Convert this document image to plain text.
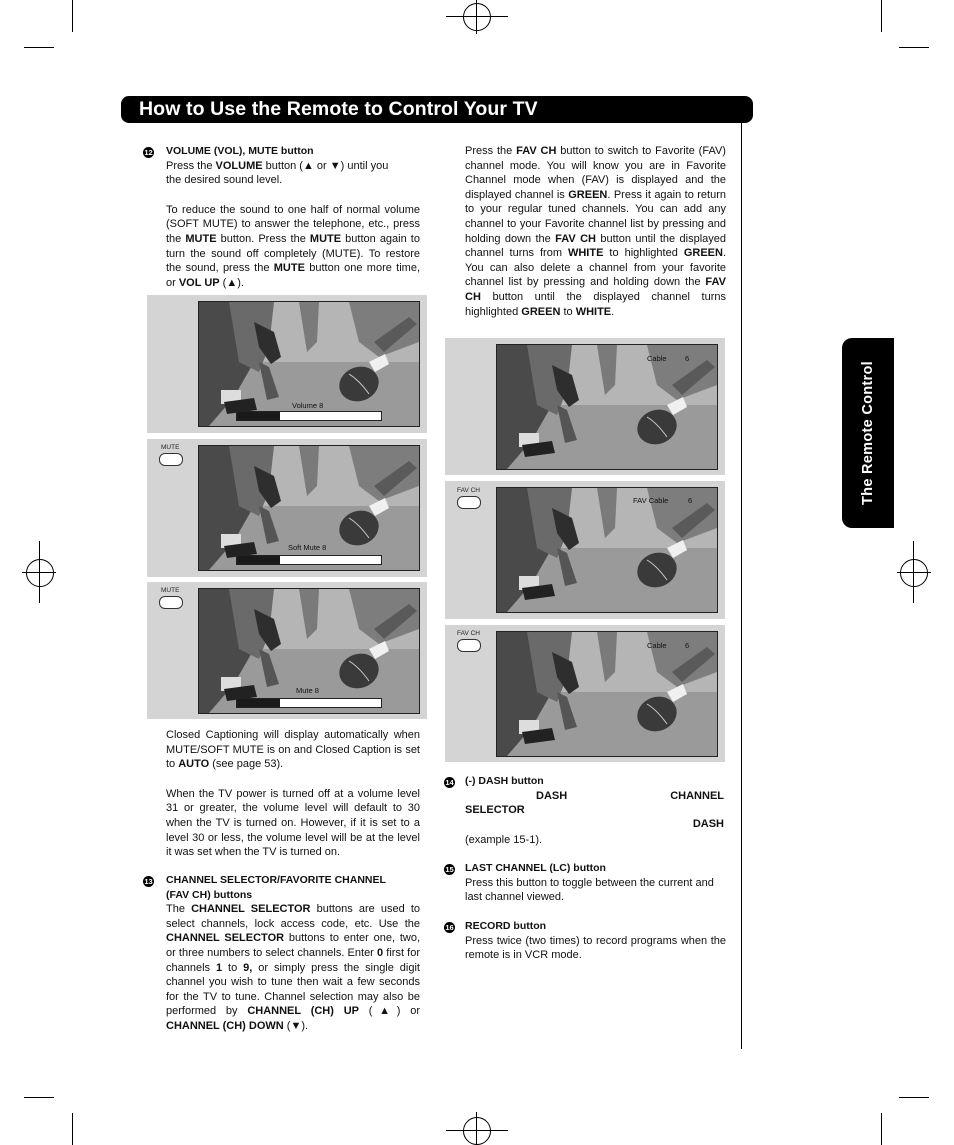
How to Use the Remote to Control Your TV
The Remote Control
12 VOLUME (VOL), MUTE button

Press the VOLUME button (▲ or ▼) until you the desired sound level.

To reduce the sound to one half of normal volume (SOFT MUTE) to answer the telephone, etc., press the MUTE button. Press the MUTE button again to turn the sound off completely (MUTE). To restore the sound, press the MUTE button one more time, or VOL UP (▲).

Volume 8
MUTE
Soft Mute 8
MUTE
Mute 8

Closed Captioning will display automatically when MUTE/SOFT MUTE is on and Closed Caption is set to AUTO (see page 53).

When the TV power is turned off at a volume level 31 or greater, the volume level will default to 30 when the TV is turned on. However, if it is set to a level 30 or less, the volume level will be at the level it was set when the TV is turned on.

13 CHANNEL SELECTOR/FAVORITE CHANNEL

(FAV CH) buttons

The CHANNEL SELECTOR buttons are used to select channels, lock access code, etc. Use the CHANNEL SELECTOR buttons to enter one, two, or three numbers to select channels. Enter 0 first for channels 1 to 9, or simply press the single digit channel you wish to tune then wait a few seconds for the TV to tune. Channel selection may also be performed by CHANNEL (CH) UP (▲) or CHANNEL (CH) DOWN (▼).

Press the FAV CH button to switch to Favorite (FAV) channel mode. You will know you are in Favorite Channel mode when (FAV) is displayed and the displayed channel is GREEN. Press it again to return to your regular tuned channels. You can add any channel to your Favorite channel list by pressing and holding down the FAV CH button until the displayed channel turns from WHITE to highlighted GREEN. You can also delete a channel from your favorite channel list by pressing and holding down the FAV CH button until the displayed channel turns highlighted GREEN to WHITE.

Cable 6
FAV CH
FAV Cable	6
FAV CH
Cable 6
14 (-) DASH button

DASH	CHANNEL
SELECTOR
DASH

(example 15-1).

15 LAST CHANNEL (LC) button

Press this button to toggle between the current and last channel viewed.

16 RECORD button

Press twice (two times) to record programs when the remote is in VCR mode.
